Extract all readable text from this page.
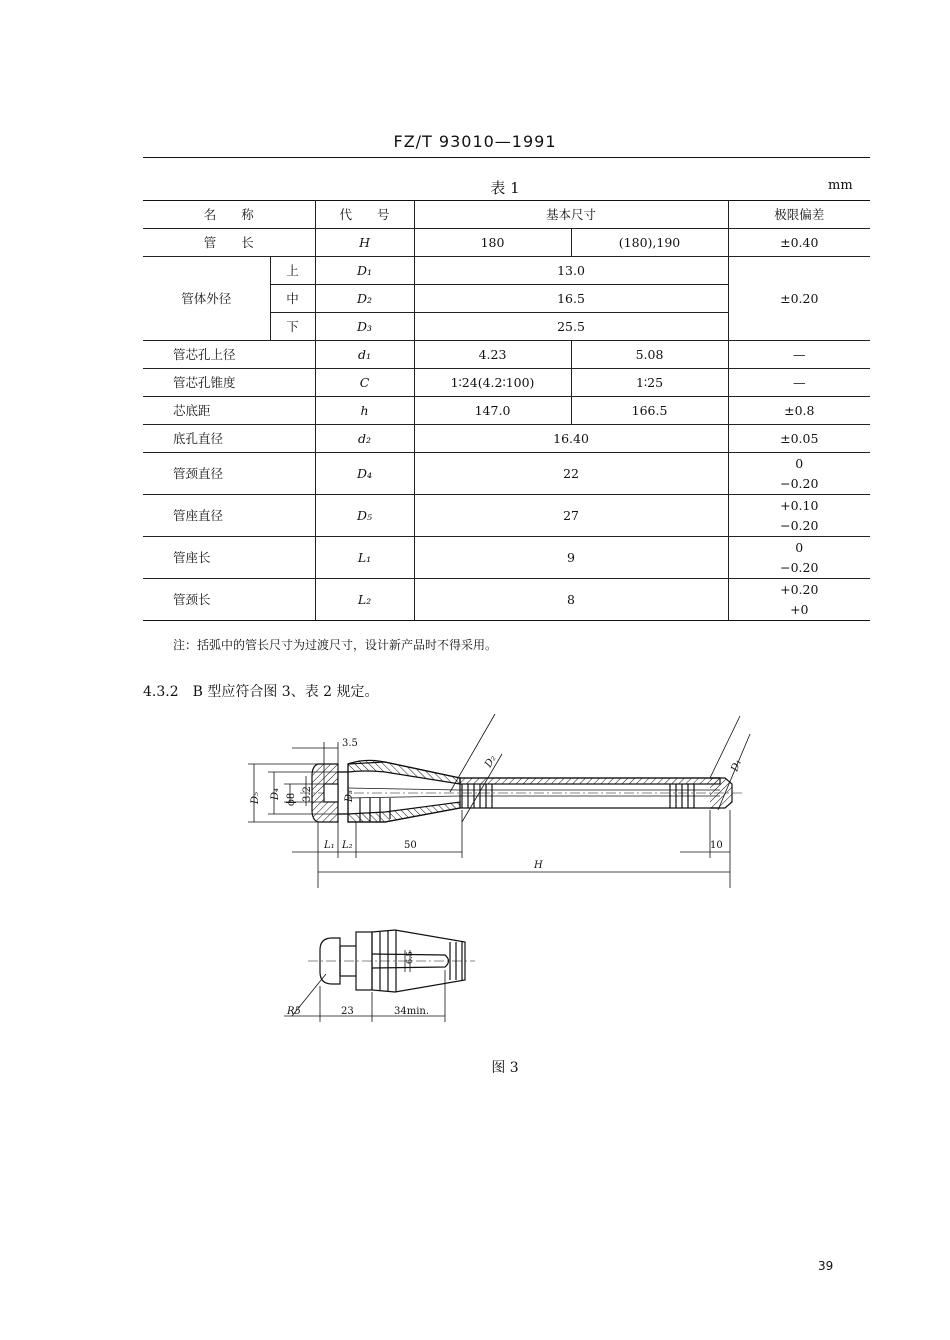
FZ/T 93010—1991
表 1	mm
名　　称		代　　号	基本尺寸		极限偏差
管　　长		H	180	(180),190	±0.40
管体外径	上	D₁	13.0		±0.20
	中	D₂	16.5		
	下	D₃	25.5		
管芯孔上径		d₁	4.23	5.08	—
管芯孔锥度		C	1∶24(4.2∶100)	1∶25	—
芯底距		h	147.0	166.5	±0.8
底孔直径		d₂	16.40		±0.05
管颈直径		D₄	22		0
−0.20

管座直径		D₅	27		+0.10
−0.20

管座长		L₁	9		0
−0.20

管颈长		L₂	8		+0.20
+0
注：括弧中的管长尺寸为过渡尺寸，设计新产品时不得采用。
4.3.2　B 型应符合图 3、表 2 规定。
3.5
D₂	D₁
D₅ D₄ ϕ8 3.2	D₃
L₁ L₂	50	10
H
R5	23	34min.
6.5
图 3
39
